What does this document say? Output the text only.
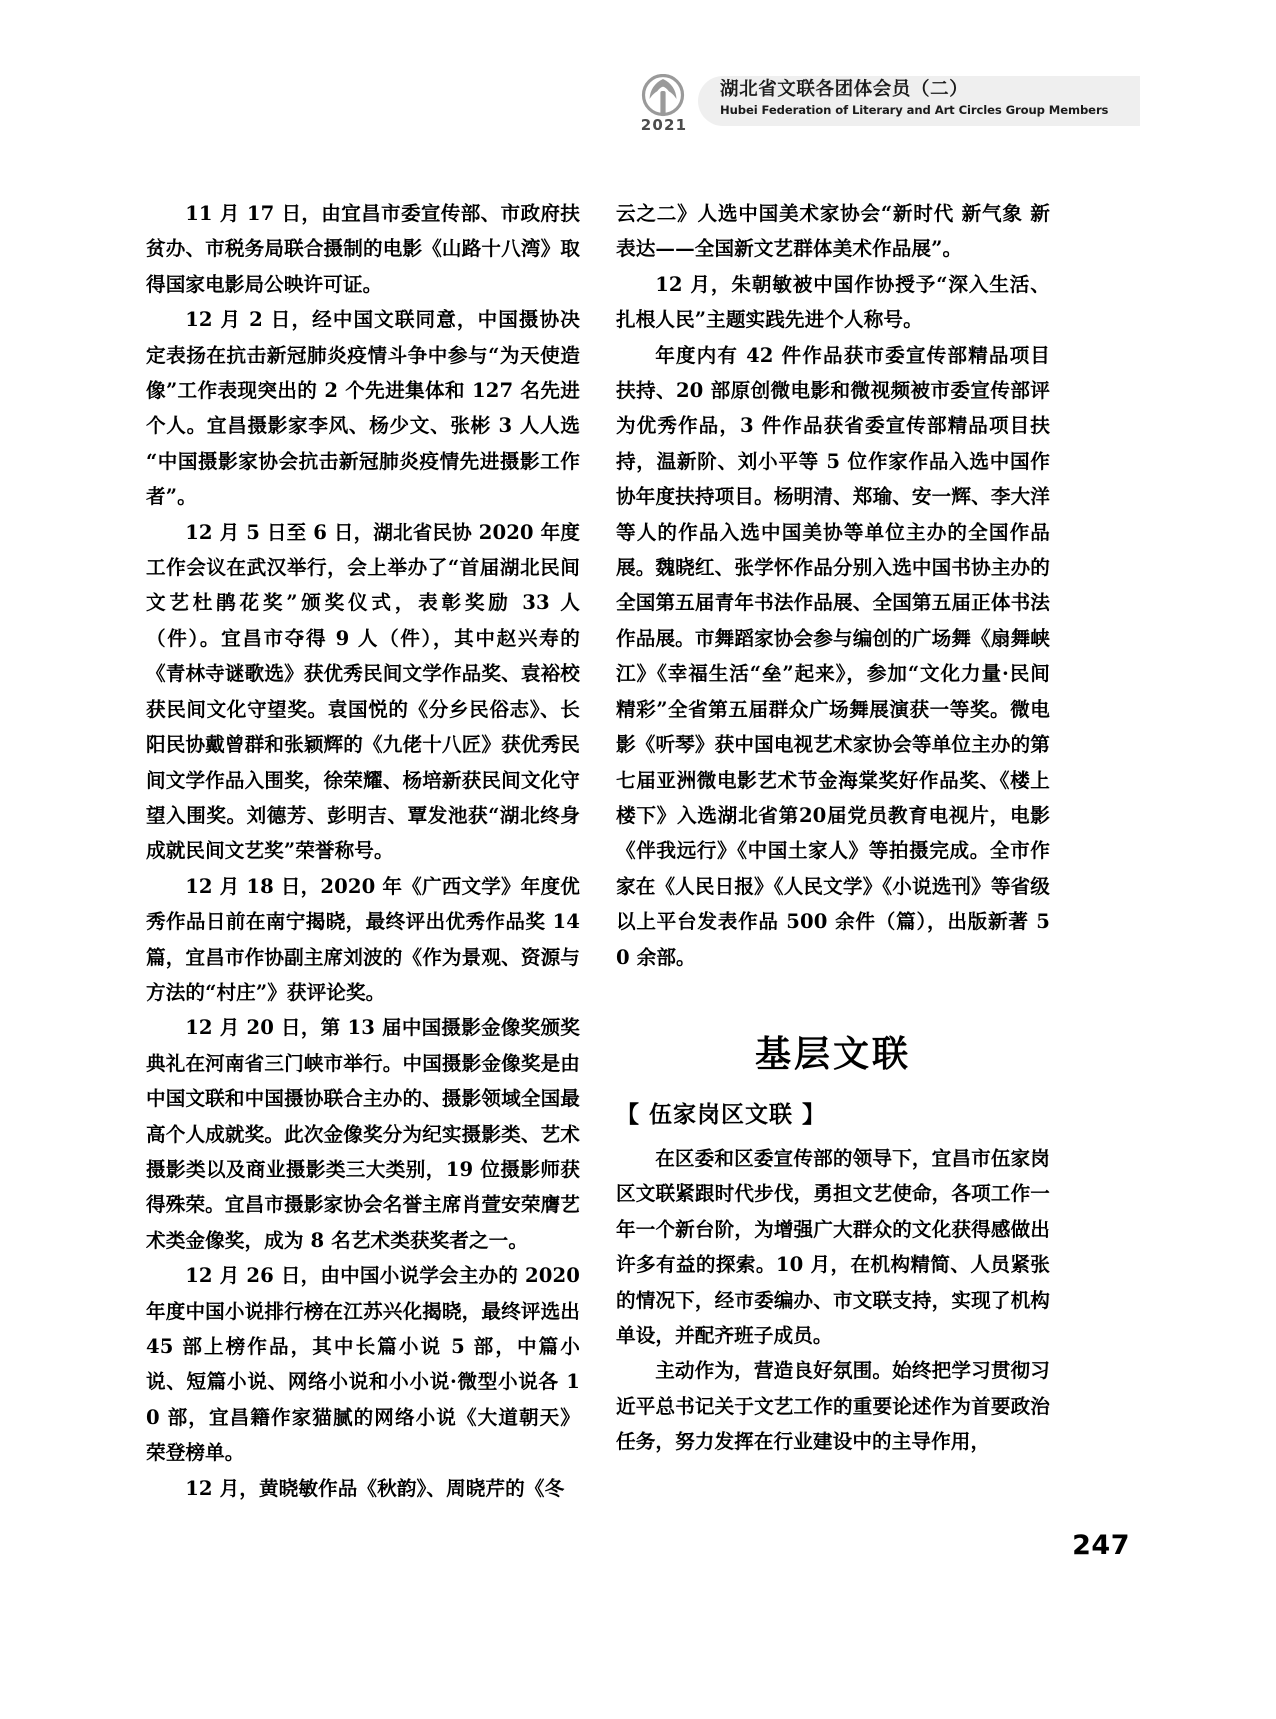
2021
湖北省文联各团体会员（二）
Hubei Federation of Literary and Art Circles Group Members

11 月 17 日，由宜昌市委宣传部、市政府扶贫办、市税务局联合摄制的电影《山路十八湾》取得国家电影局公映许可证。

12 月 2 日，经中国文联同意，中国摄协决定表扬在抗击新冠肺炎疫情斗争中参与“为天使造像”工作表现突出的 2 个先进集体和 127 名先进个人。宜昌摄影家李风、杨少文、张彬 3 人人选“中国摄影家协会抗击新冠肺炎疫情先进摄影工作者”。

12 月 5 日至 6 日，湖北省民协 2020 年度工作会议在武汉举行，会上举办了“首届湖北民间文艺杜鹃花奖”颁奖仪式，表彰奖励 33 人（件）。宜昌市夺得 9 人（件），其中赵兴寿的《青林寺谜歌选》获优秀民间文学作品奖、袁裕校获民间文化守望奖。袁国悦的《分乡民俗志》、长阳民协戴曾群和张颖辉的《九佬十八匠》获优秀民间文学作品入围奖，徐荣耀、杨培新获民间文化守望入围奖。刘德芳、彭明吉、覃发池获“湖北终身成就民间文艺奖”荣誉称号。

12 月 18 日，2020 年《广西文学》年度优秀作品日前在南宁揭晓，最终评出优秀作品奖 14 篇，宜昌市作协副主席刘波的《作为景观、资源与方法的“村庄”》获评论奖。

12 月 20 日，第 13 届中国摄影金像奖颁奖典礼在河南省三门峡市举行。中国摄影金像奖是由中国文联和中国摄协联合主办的、摄影领域全国最高个人成就奖。此次金像奖分为纪实摄影类、艺术摄影类以及商业摄影类三大类别，19 位摄影师获得殊荣。宜昌市摄影家协会名誉主席肖萱安荣膺艺术类金像奖，成为 8 名艺术类获奖者之一。

12 月 26 日，由中国小说学会主办的 2020 年度中国小说排行榜在江苏兴化揭晓，最终评选出 45 部上榜作品，其中长篇小说 5 部，中篇小说、短篇小说、网络小说和小小说·微型小说各 10 部，宜昌籍作家猫腻的网络小说《大道朝天》荣登榜单。

12 月，黄晓敏作品《秋韵》、周晓芹的《冬

云之二》人选中国美术家协会“新时代 新气象 新表达——全国新文艺群体美术作品展”。

12 月，朱朝敏被中国作协授予“深入生活、扎根人民”主题实践先进个人称号。

年度内有 42 件作品获市委宣传部精品项目扶持、20 部原创微电影和微视频被市委宣传部评为优秀作品，3 件作品获省委宣传部精品项目扶持，温新阶、刘小平等 5 位作家作品入选中国作协年度扶持项目。杨明清、郑瑜、安一辉、李大洋等人的作品入选中国美协等单位主办的全国作品展。魏晓红、张学怀作品分别入选中国书协主办的全国第五届青年书法作品展、全国第五届正体书法作品展。市舞蹈家协会参与编创的广场舞《扇舞峡江》《幸福生活“垒”起来》，参加“文化力量·民间精彩”全省第五届群众广场舞展演获一等奖。微电影《听琴》获中国电视艺术家协会等单位主办的第七届亚洲微电影艺术节金海棠奖好作品奖、《楼上楼下》入选湖北省第20届党员教育电视片，电影《伴我远行》《中国土家人》等拍摄完成。全市作家在《人民日报》《人民文学》《小说选刊》等省级以上平台发表作品 500 余件（篇），出版新著 50 余部。

基层文联
【 伍家岗区文联 】

在区委和区委宣传部的领导下，宜昌市伍家岗区文联紧跟时代步伐，勇担文艺使命，各项工作一年一个新台阶，为增强广大群众的文化获得感做出许多有益的探索。10 月，在机构精简、人员紧张的情况下，经市委编办、市文联支持，实现了机构单设，并配齐班子成员。

主动作为，营造良好氛围。始终把学习贯彻习近平总书记关于文艺工作的重要论述作为首要政治任务，努力发挥在行业建设中的主导作用，

247
